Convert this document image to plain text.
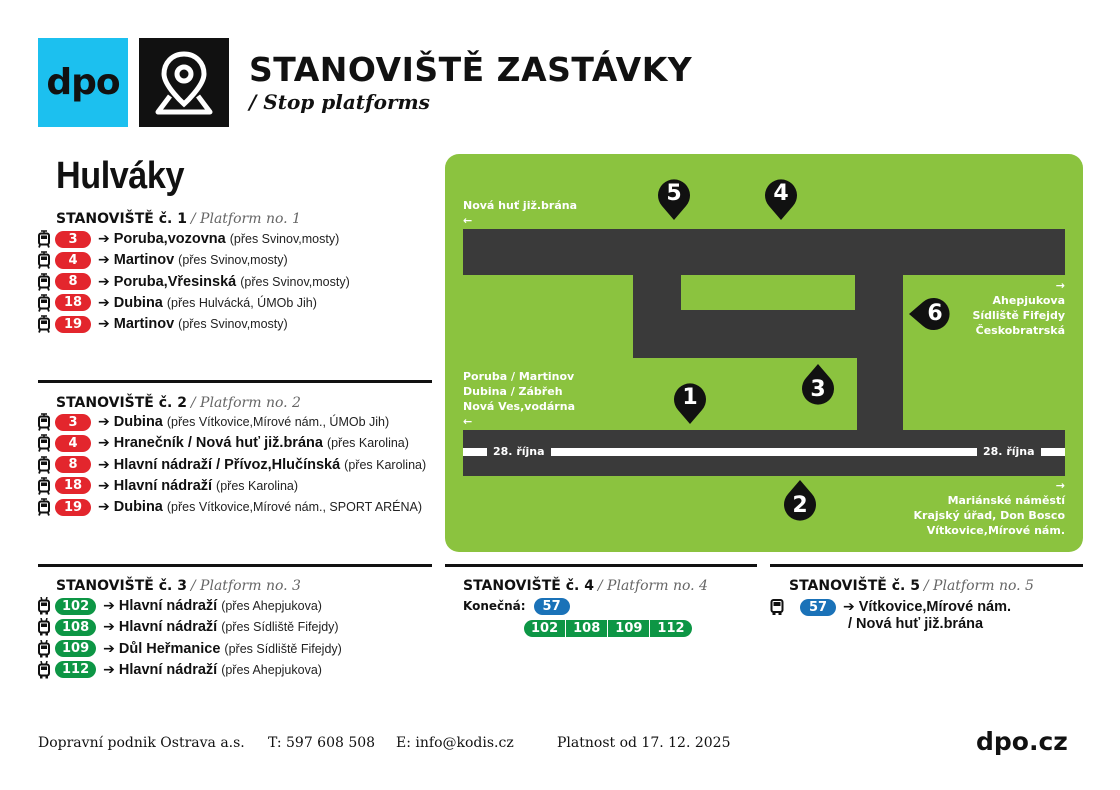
dpo	STANOVIŠTĚ ZASTÁVKY
/ Stop platforms
Hulváky
STANOVIŠTĚ č. 1 / Platform no. 1
3	➔ Poruba,vozovna (přes Svinov,mosty)
4	➔ Martinov (přes Svinov,mosty)
8	➔ Poruba,Vřesinská (přes Svinov,mosty)
18	➔ Dubina (přes Hulvácká, ÚMOb Jih)
19	➔ Martinov (přes Svinov,mosty)
STANOVIŠTĚ č. 2 / Platform no. 2
3	➔ Dubina (přes Vítkovice,Mírové nám., ÚMOb Jih)
4	➔ Hranečník / Nová huť již.brána (přes Karolina)
8	➔ Hlavní nádraží / Přívoz,Hlučínská (přes Karolina)
18	➔ Hlavní nádraží (přes Karolina)
19	➔ Dubina (přes Vítkovice,Mírové nám., SPORT ARÉNA)
STANOVIŠTĚ č. 3 / Platform no. 3
102	➔ Hlavní nádraží (přes Ahepjukova)
108	➔ Hlavní nádraží (přes Sídliště Fifejdy)
109	➔ Důl Heřmanice (přes Sídliště Fifejdy)
112	➔ Hlavní nádraží (přes Ahepjukova)
STANOVIŠTĚ č. 4 / Platform no. 4
Konečná:	57
102	108	109	112
STANOVIŠTĚ č. 5 / Platform no. 5
57	➔ Vítkovice,Mírové nám.
/ Nová huť již.brána
28. října	28. října
Nová huť již.brána
←
→
Ahepjukova
Sídliště Fifejdy
Českobratrská
Poruba / Martinov
Dubina / Zábřeh
Nová Ves,vodárna
←
→
Mariánské náměstí
Krajský úřad, Don Bosco
Vítkovice,Mírové nám.
5	4
1	3
2
6
Dopravní podnik Ostrava a.s. T: 597 608 508 E: info@kodis.cz	Platnost od 17. 12. 2025	dpo.cz
